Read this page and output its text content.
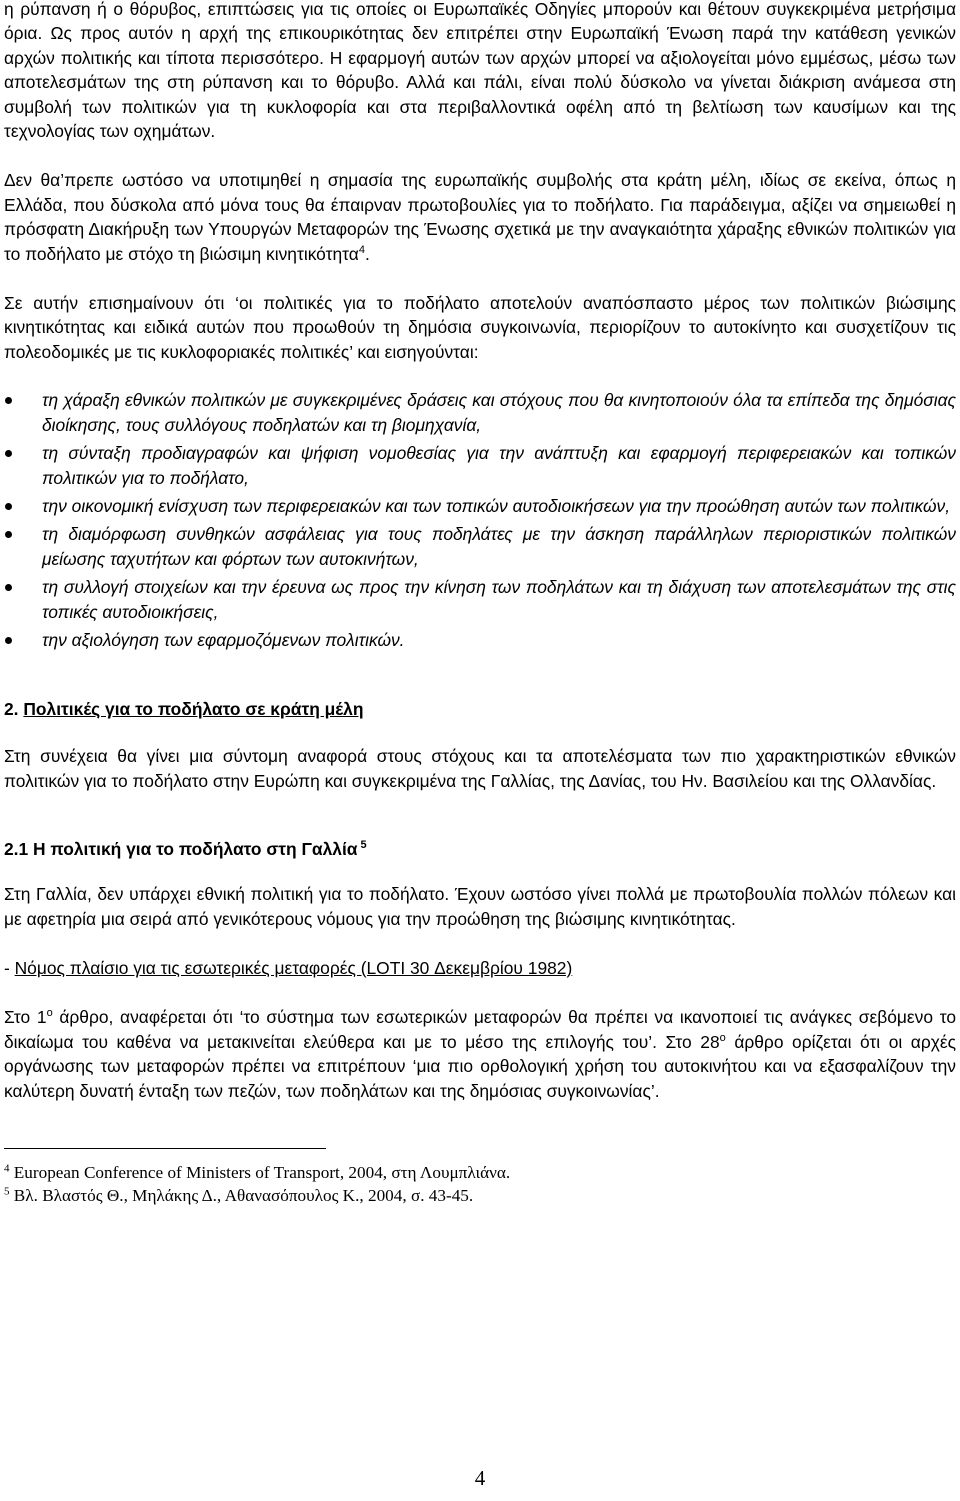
η ρύπανση ή ο θόρυβος, επιπτώσεις για τις οποίες οι Ευρωπαϊκές Οδηγίες μπορούν και θέτουν συγκεκριμένα μετρήσιμα όρια. Ως προς αυτόν η αρχή της επικουρικότητας δεν επιτρέπει στην Ευρωπαϊκή Ένωση παρά την κατάθεση γενικών αρχών πολιτικής και τίποτα περισσότερο. Η εφαρμογή αυτών των αρχών μπορεί να αξιολογείται μόνο εμμέσως, μέσω των αποτελεσμάτων της στη ρύπανση και το θόρυβο. Αλλά και πάλι, είναι πολύ δύσκολο να γίνεται διάκριση ανάμεσα στη συμβολή των πολιτικών για τη κυκλοφορία και στα περιβαλλοντικά οφέλη από τη βελτίωση των καυσίμων και της τεχνολογίας των οχημάτων.

Δεν θα’πρεπε ωστόσο να υποτιμηθεί η σημασία της ευρωπαϊκής συμβολής στα κράτη μέλη, ιδίως σε εκείνα, όπως η Ελλάδα, που δύσκολα από μόνα τους θα έπαιρναν πρωτοβουλίες για το ποδήλατο. Για παράδειγμα, αξίζει να σημειωθεί η πρόσφατη Διακήρυξη των Υπουργών Μεταφορών της Ένωσης σχετικά με την αναγκαιότητα χάραξης εθνικών πολιτικών για το ποδήλατο με στόχο τη βιώσιμη κινητικότητα$^4$.

Σε αυτήν επισημαίνουν ότι ‘οι πολιτικές για το ποδήλατο αποτελούν αναπόσπαστο μέρος των πολιτικών βιώσιμης κινητικότητας και ειδικά αυτών που προωθούν τη δημόσια συγκοινωνία, περιορίζουν το αυτοκίνητο και συσχετίζουν τις πολεοδομικές με τις κυκλοφοριακές πολιτικές’ και εισηγούνται:

τη χάραξη εθνικών πολιτικών με συγκεκριμένες δράσεις και στόχους που θα κινητοποιούν όλα τα επίπεδα της δημόσιας διοίκησης, τους συλλόγους ποδηλατών και τη βιομηχανία,
τη σύνταξη προδιαγραφών και ψήφιση νομοθεσίας για την ανάπτυξη και εφαρμογή περιφερειακών και τοπικών πολιτικών για το ποδήλατο,
την οικονομική ενίσχυση των περιφερειακών και των τοπικών αυτοδιοικήσεων για την προώθηση αυτών των πολιτικών,
τη διαμόρφωση συνθηκών ασφάλειας για τους ποδηλάτες με την άσκηση παράλληλων περιοριστικών πολιτικών μείωσης ταχυτήτων και φόρτων των αυτοκινήτων,
τη συλλογή στοιχείων και την έρευνα ως προς την κίνηση των ποδηλάτων και τη διάχυση των αποτελεσμάτων της στις τοπικές αυτοδιοικήσεις,
την αξιολόγηση των εφαρμοζόμενων πολιτικών.
2. Πολιτικές για το ποδήλατο σε κράτη μέλη

Στη συνέχεια θα γίνει μια σύντομη αναφορά στους στόχους και τα αποτελέσματα των πιο χαρακτηριστικών εθνικών πολιτικών για το ποδήλατο στην Ευρώπη και συγκεκριμένα της Γαλλίας, της Δανίας, του Ην. Βασιλείου και της Ολλανδίας.

2.1 Η πολιτική για το ποδήλατο στη Γαλλία $^5$

Στη Γαλλία, δεν υπάρχει εθνική πολιτική για το ποδήλατο. Έχουν ωστόσο γίνει πολλά με πρωτοβουλία πολλών πόλεων και με αφετηρία μια σειρά από γενικότερους νόμους για την προώθηση της βιώσιμης κινητικότητας.

- Νόμος πλαίσιο για τις εσωτερικές μεταφορές (LOTI 30 Δεκεμβρίου 1982)

Στο $1^o$ άρθρο, αναφέρεται ότι ‘το σύστημα των εσωτερικών μεταφορών θα πρέπει να ικανοποιεί τις ανάγκες σεβόμενο το δικαίωμα του καθένα να μετακινείται ελεύθερα και με το μέσο της επιλογής του’. Στο $28^o$ άρθρο ορίζεται ότι οι αρχές οργάνωσης των μεταφορών πρέπει να επιτρέπουν ‘μια πιο ορθολογική χρήση του αυτοκινήτου και να εξασφαλίζουν την καλύτερη δυνατή ένταξη των πεζών, των ποδηλάτων και της δημόσιας συγκοινωνίας’.

$^4$ European Conference of Ministers of Transport, 2004, στη Λουμπλιάνα.
$^5$ Βλ. Βλαστός Θ., Μηλάκης Δ., Αθανασόπουλος Κ., 2004, σ. 43-45.
4
